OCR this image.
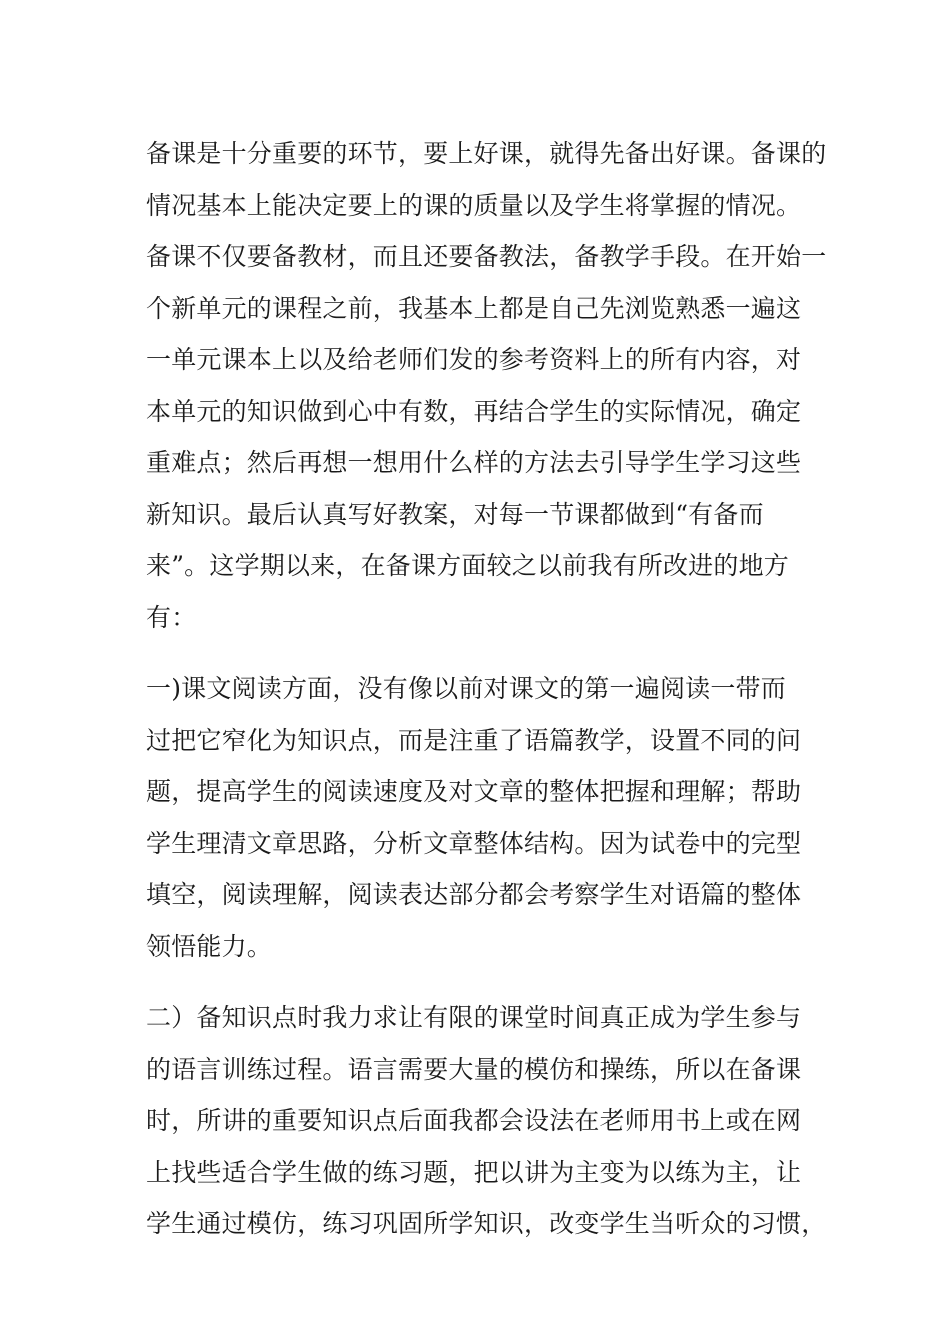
备课是十分重要的环节，要上好课，就得先备出好课。备课的
情况基本上能决定要上的课的质量以及学生将掌握的情况。
备课不仅要备教材，而且还要备教法，备教学手段。在开始一
个新单元的课程之前，我基本上都是自己先浏览熟悉一遍这
一单元课本上以及给老师们发的参考资料上的所有内容，对
本单元的知识做到心中有数，再结合学生的实际情况，确定
重难点；然后再想一想用什么样的方法去引导学生学习这些
新知识。最后认真写好教案，对每一节课都做到“有备而
来”。这学期以来，在备课方面较之以前我有所改进的地方
有：
一)课文阅读方面，没有像以前对课文的第一遍阅读一带而
过把它窄化为知识点，而是注重了语篇教学，设置不同的问
题，提高学生的阅读速度及对文章的整体把握和理解；帮助
学生理清文章思路，分析文章整体结构。因为试卷中的完型
填空，阅读理解，阅读表达部分都会考察学生对语篇的整体
领悟能力。
二）备知识点时我力求让有限的课堂时间真正成为学生参与
的语言训练过程。语言需要大量的模仿和操练，所以在备课
时，所讲的重要知识点后面我都会设法在老师用书上或在网
上找些适合学生做的练习题，把以讲为主变为以练为主，让
学生通过模仿，练习巩固所学知识，改变学生当听众的习惯，
